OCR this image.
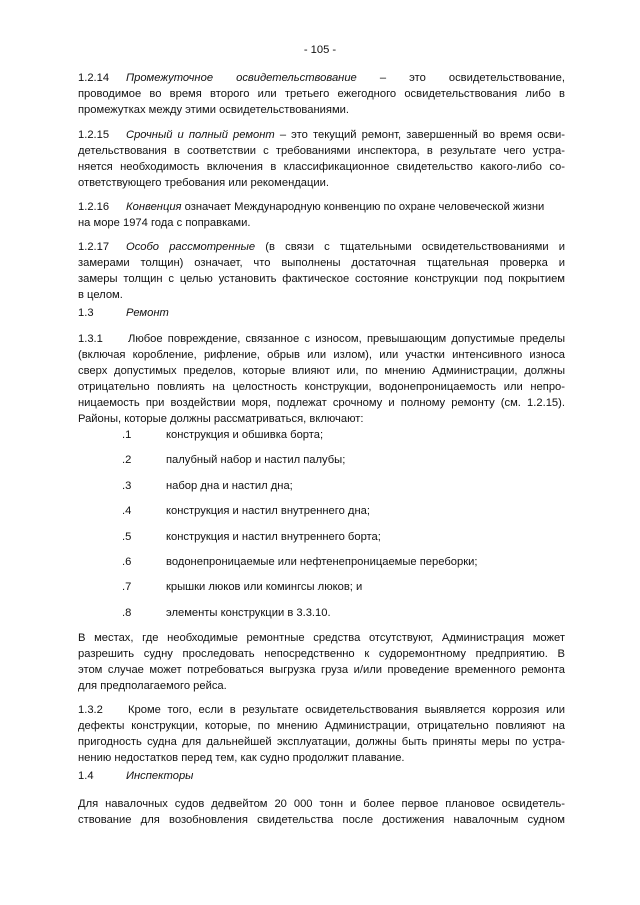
- 105 -
1.2.14 Промежуточное освидетельствование – это освидетельствование,
проводимое во время второго или третьего ежегодного освидетельствования либо в
промежутках между этими освидетельствованиями.
1.2.15 Срочный и полный ремонт – это текущий ремонт, завершенный во время осви-
детельствования в соответствии с требованиями инспектора, в результате чего устра-
няется необходимость включения в классификационное свидетельство какого-либо со-
ответствующего требования или рекомендации.
1.2.16 Конвенция означает Международную конвенцию по охране человеческой жизни
на море 1974 года с поправками.
1.2.17 Особо рассмотренные (в связи с тщательными освидетельствованиями и
замерами толщин) означает, что выполнены достаточная тщательная проверка и
замеры толщин с целью установить фактическое состояние конструкции под покрытием
в целом.
1.3	Ремонт
1.3.1 Любое повреждение, связанное с износом, превышающим допустимые пределы
(включая коробление, рифление, обрыв или излом), или участки интенсивного износа
сверх допустимых пределов, которые влияют или, по мнению Администрации, должны
отрицательно повлиять на целостность конструкции, водонепроницаемость или непро-
ницаемость при воздействии моря, подлежат срочному и полному ремонту (см. 1.2.15).
Районы, которые должны рассматриваться, включают:
.1	конструкция и обшивка борта;
.2	палубный набор и настил палубы;
.3	набор дна и настил дна;
.4	конструкция и настил внутреннего дна;
.5	конструкция и настил внутреннего борта;
.6	водонепроницаемые или нефтенепроницаемые переборки;
.7	крышки люков или комингсы люков; и
.8	элементы конструкции в 3.3.10.
В местах, где необходимые ремонтные средства отсутствуют, Администрация может
разрешить судну проследовать непосредственно к судоремонтному предприятию. В
этом случае может потребоваться выгрузка груза и/или проведение временного ремонта
для предполагаемого рейса.
1.3.2 Кроме того, если в результате освидетельствования выявляется коррозия или
дефекты конструкции, которые, по мнению Администрации, отрицательно повлияют на
пригодность судна для дальнейшей эксплуатации, должны быть приняты меры по устра-
нению недостатков перед тем, как судно продолжит плавание.
1.4	Инспекторы
Для навалочных судов дедвейтом 20 000 тонн и более первое плановое освидетель-
ствование для возобновления свидетельства после достижения навалочным судном
